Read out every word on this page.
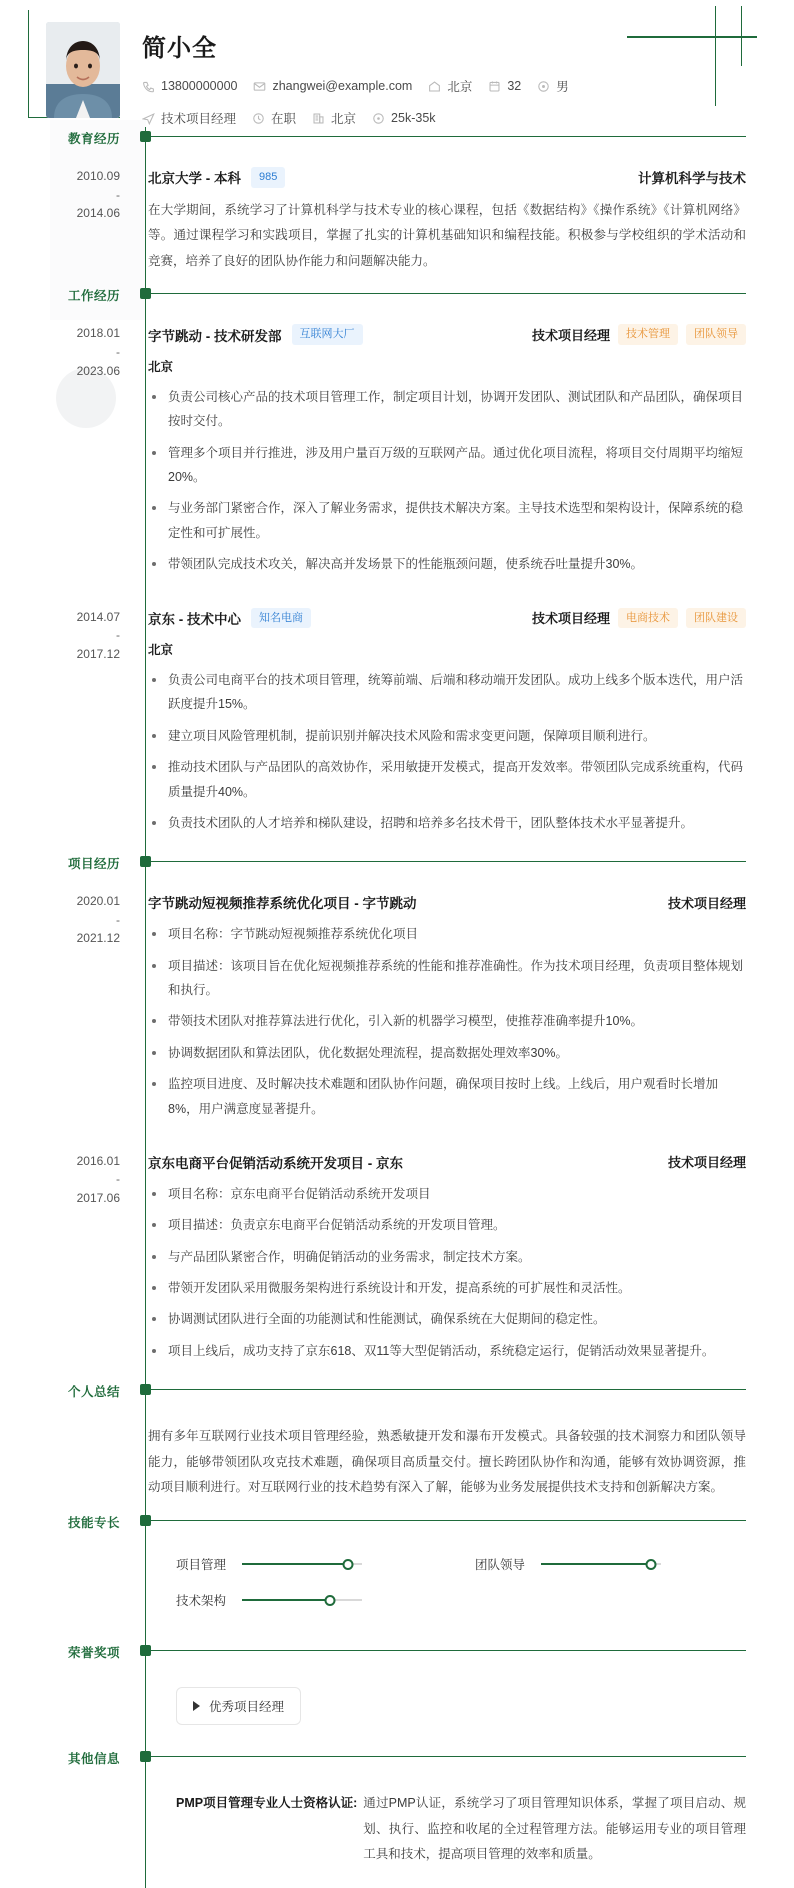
简小全
13800000000	zhangwei@example.com	北京	32	男
技术项目经理	在职	北京	25k-35k
教育经历
2010.09
-
2014.06
北京大学 - 本科	985	计算机科学与技术
在大学期间，系统学习了计算机科学与技术专业的核心课程，包括《数据结构》《操作系统》《计算机网络》等。通过课程学习和实践项目，掌握了扎实的计算机基础知识和编程技能。积极参与学校组织的学术活动和竞赛，培养了良好的团队协作能力和问题解决能力。
工作经历
2018.01
-
2023.06
字节跳动 - 技术研发部	互联网大厂	技术项目经理	技术管理	团队领导
北京
负责公司核心产品的技术项目管理工作，制定项目计划，协调开发团队、测试团队和产品团队，确保项目按时交付。
管理多个项目并行推进，涉及用户量百万级的互联网产品。通过优化项目流程，将项目交付周期平均缩短20%。
与业务部门紧密合作，深入了解业务需求，提供技术解决方案。主导技术选型和架构设计，保障系统的稳定性和可扩展性。
带领团队完成技术攻关，解决高并发场景下的性能瓶颈问题，使系统吞吐量提升30%。
2014.07
-
2017.12
京东 - 技术中心	知名电商	技术项目经理	电商技术	团队建设
北京
负责公司电商平台的技术项目管理，统筹前端、后端和移动端开发团队。成功上线多个版本迭代，用户活跃度提升15%。
建立项目风险管理机制，提前识别并解决技术风险和需求变更问题，保障项目顺利进行。
推动技术团队与产品团队的高效协作，采用敏捷开发模式，提高开发效率。带领团队完成系统重构，代码质量提升40%。
负责技术团队的人才培养和梯队建设，招聘和培养多名技术骨干，团队整体技术水平显著提升。
项目经历
2020.01
-
2021.12
字节跳动短视频推荐系统优化项目 - 字节跳动	技术项目经理
项目名称：字节跳动短视频推荐系统优化项目
项目描述：该项目旨在优化短视频推荐系统的性能和推荐准确性。作为技术项目经理，负责项目整体规划和执行。
带领技术团队对推荐算法进行优化，引入新的机器学习模型，使推荐准确率提升10%。
协调数据团队和算法团队，优化数据处理流程，提高数据处理效率30%。
监控项目进度、及时解决技术难题和团队协作问题，确保项目按时上线。上线后，用户观看时长增加8%，用户满意度显著提升。
2016.01
-
2017.06
京东电商平台促销活动系统开发项目 - 京东	技术项目经理
项目名称：京东电商平台促销活动系统开发项目
项目描述：负责京东电商平台促销活动系统的开发项目管理。
与产品团队紧密合作，明确促销活动的业务需求，制定技术方案。
带领开发团队采用微服务架构进行系统设计和开发，提高系统的可扩展性和灵活性。
协调测试团队进行全面的功能测试和性能测试，确保系统在大促期间的稳定性。
项目上线后，成功支持了京东618、双11等大型促销活动，系统稳定运行，促销活动效果显著提升。
个人总结
拥有多年互联网行业技术项目管理经验，熟悉敏捷开发和瀑布开发模式。具备较强的技术洞察力和团队领导能力，能够带领团队攻克技术难题，确保项目高质量交付。擅长跨团队协作和沟通，能够有效协调资源，推动项目顺利进行。对互联网行业的技术趋势有深入了解，能够为业务发展提供技术支持和创新解决方案。
技能专长
项目管理	团队领导
技术架构
荣誉奖项
优秀项目经理
其他信息
PMP项目管理专业人士资格认证: 通过PMP认证，系统学习了项目管理知识体系，掌握了项目启动、规划、执行、监控和收尾的全过程管理方法。能够运用专业的项目管理工具和技术，提高项目管理的效率和质量。
